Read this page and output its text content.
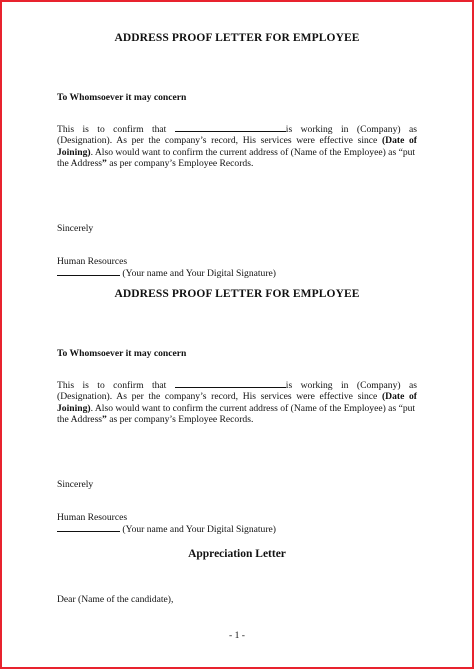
ADDRESS PROOF LETTER FOR EMPLOYEE
To Whomsoever it may concern
This is to confirm that	is working in (Company) as
(Designation). As per the company’s record, His services were effective since (Date of
Joining). Also would want to confirm the current address of (Name of the Employee) as “put
the Address” as per company’s Employee Records.
Sincerely
Human Resources
(Your name and Your Digital Signature)
ADDRESS PROOF LETTER FOR EMPLOYEE
To Whomsoever it may concern
This is to confirm that	is working in (Company) as
(Designation). As per the company’s record, His services were effective since (Date of
Joining). Also would want to confirm the current address of (Name of the Employee) as “put
the Address” as per company’s Employee Records.
Sincerely
Human Resources
(Your name and Your Digital Signature)
Appreciation Letter
Dear (Name of the candidate),
- 1 -
